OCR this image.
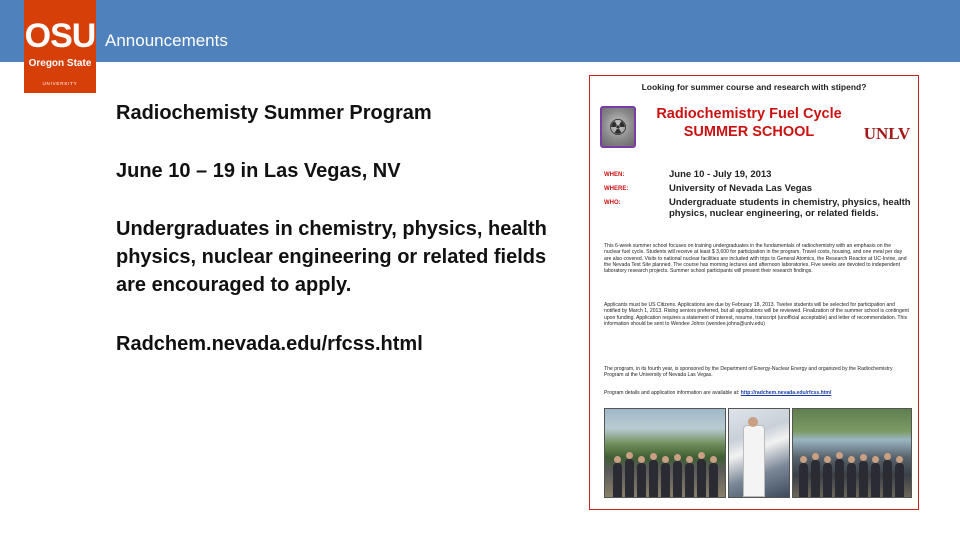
OSU
Oregon State
UNIVERSITY
Announcements

Radiochemisty Summer Program

June 10 – 19 in Las Vegas, NV

Undergraduates in chemistry, physics, health physics, nuclear engineering or related fields are encouraged to apply.

Radchem.nevada.edu/rfcss.html

Looking for summer course and research with stipend?
☢
Radiochemistry Fuel Cycle
SUMMER SCHOOL	UNLV
WHEN:	June 10 - July 19, 2013
WHERE:	University of Nevada Las Vegas
WHO:	Undergraduate students in chemistry, physics, health physics, nuclear engineering, or related fields.

This 6-week summer school focuses on training undergraduates in the fundamentals of radiochemistry with an emphasis on the nuclear fuel cycle. Students will receive at least $ 3,600 for participation in the program. Travel costs, housing, and one meal per day are also covered. Visits to national nuclear facilities are included with trips to General Atomics, the Research Reactor at UC-Irvine, and the Nevada Test Site planned. The course has morning lectures and afternoon laboratories. Five weeks are devoted to independent laboratory research projects. Summer school participants will present their research findings.

Applicants must be US Citizens. Applications are due by February 18, 2013. Twelve students will be selected for participation and notified by March 1, 2013. Rising seniors preferred, but all applications will be reviewed. Finalization of the summer school is contingent upon funding. Application requires a statement of interest, resume, transcript (unofficial acceptable) and letter of recommendation. This information should be sent to Wendee Johns (wendee.johns@unlv.edu)

The program, in its fourth year, is sponsored by the Department of Energy-Nuclear Energy and organized by the Radiochemistry Program at the University of Nevada Las Vegas.

Program details and application information are available at: http://radchem.nevada.edu/rfcss.html
